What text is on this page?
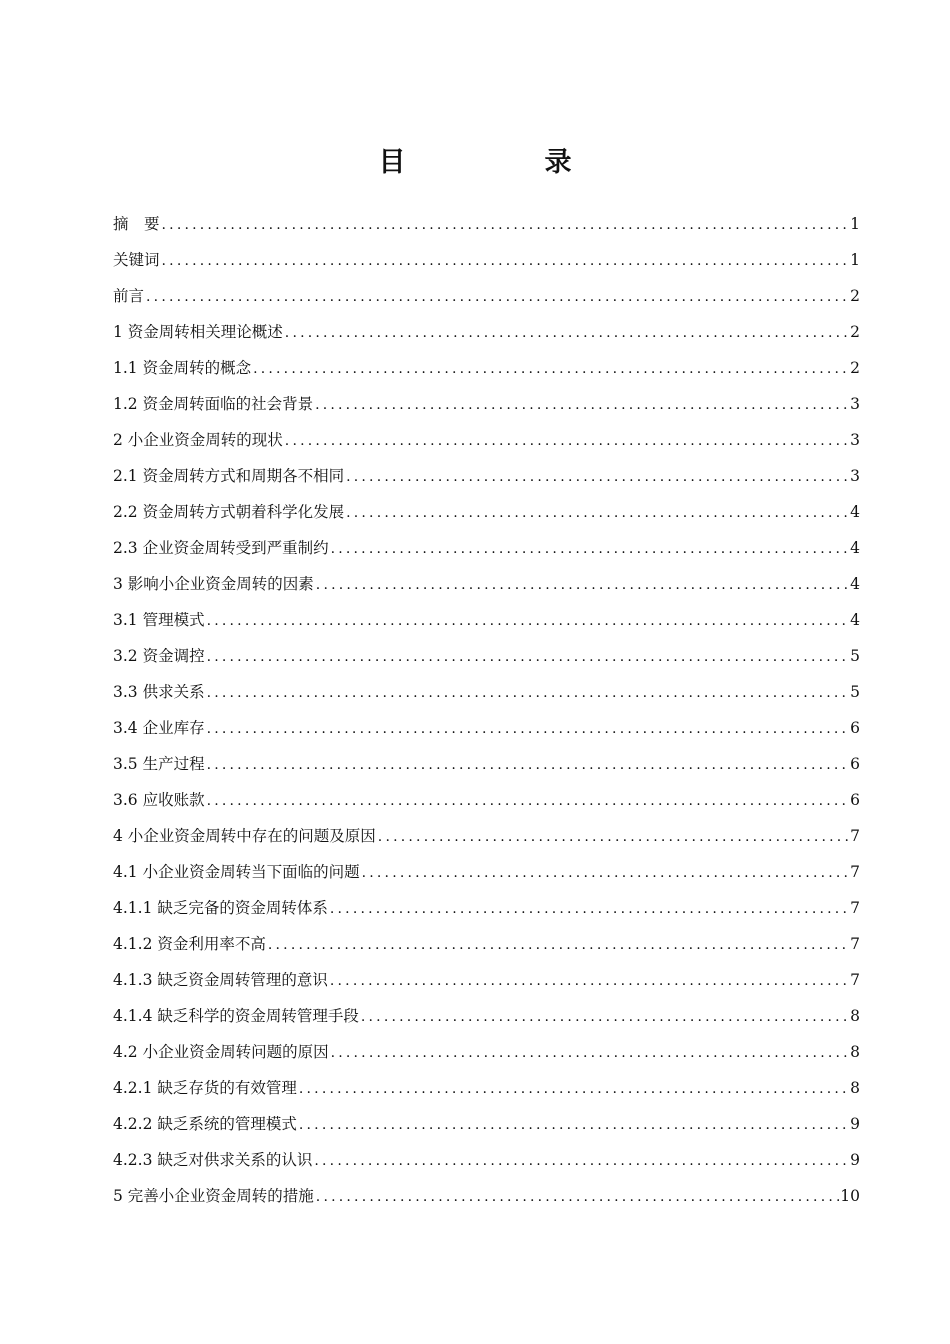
目　录
摘　要 .....	1
关键词 .....	1
前言 .....	2
1 资金周转相关理论概述 .....	2
1.1 资金周转的概念 .....	2
1.2 资金周转面临的社会背景 .....	3
2 小企业资金周转的现状 .....	3
2.1 资金周转方式和周期各不相同 .....	3
2.2 资金周转方式朝着科学化发展 .....	4
2.3 企业资金周转受到严重制约 .....	4
3 影响小企业资金周转的因素 .....	4
3.1 管理模式 .....	4
3.2 资金调控 .....	5
3.3 供求关系 .....	5
3.4 企业库存 .....	6
3.5 生产过程 .....	6
3.6 应收账款 .....	6
4 小企业资金周转中存在的问题及原因 .....	7
4.1 小企业资金周转当下面临的问题 .....	7
4.1.1 缺乏完备的资金周转体系 .....	7
4.1.2 资金利用率不高 .....	7
4.1.3 缺乏资金周转管理的意识 .....	7
4.1.4 缺乏科学的资金周转管理手段 .....	8
4.2 小企业资金周转问题的原因 .....	8
4.2.1 缺乏存货的有效管理 .....	8
4.2.2 缺乏系统的管理模式 .....	9
4.2.3 缺乏对供求关系的认识 .....	9
5 完善小企业资金周转的措施 .....	10
